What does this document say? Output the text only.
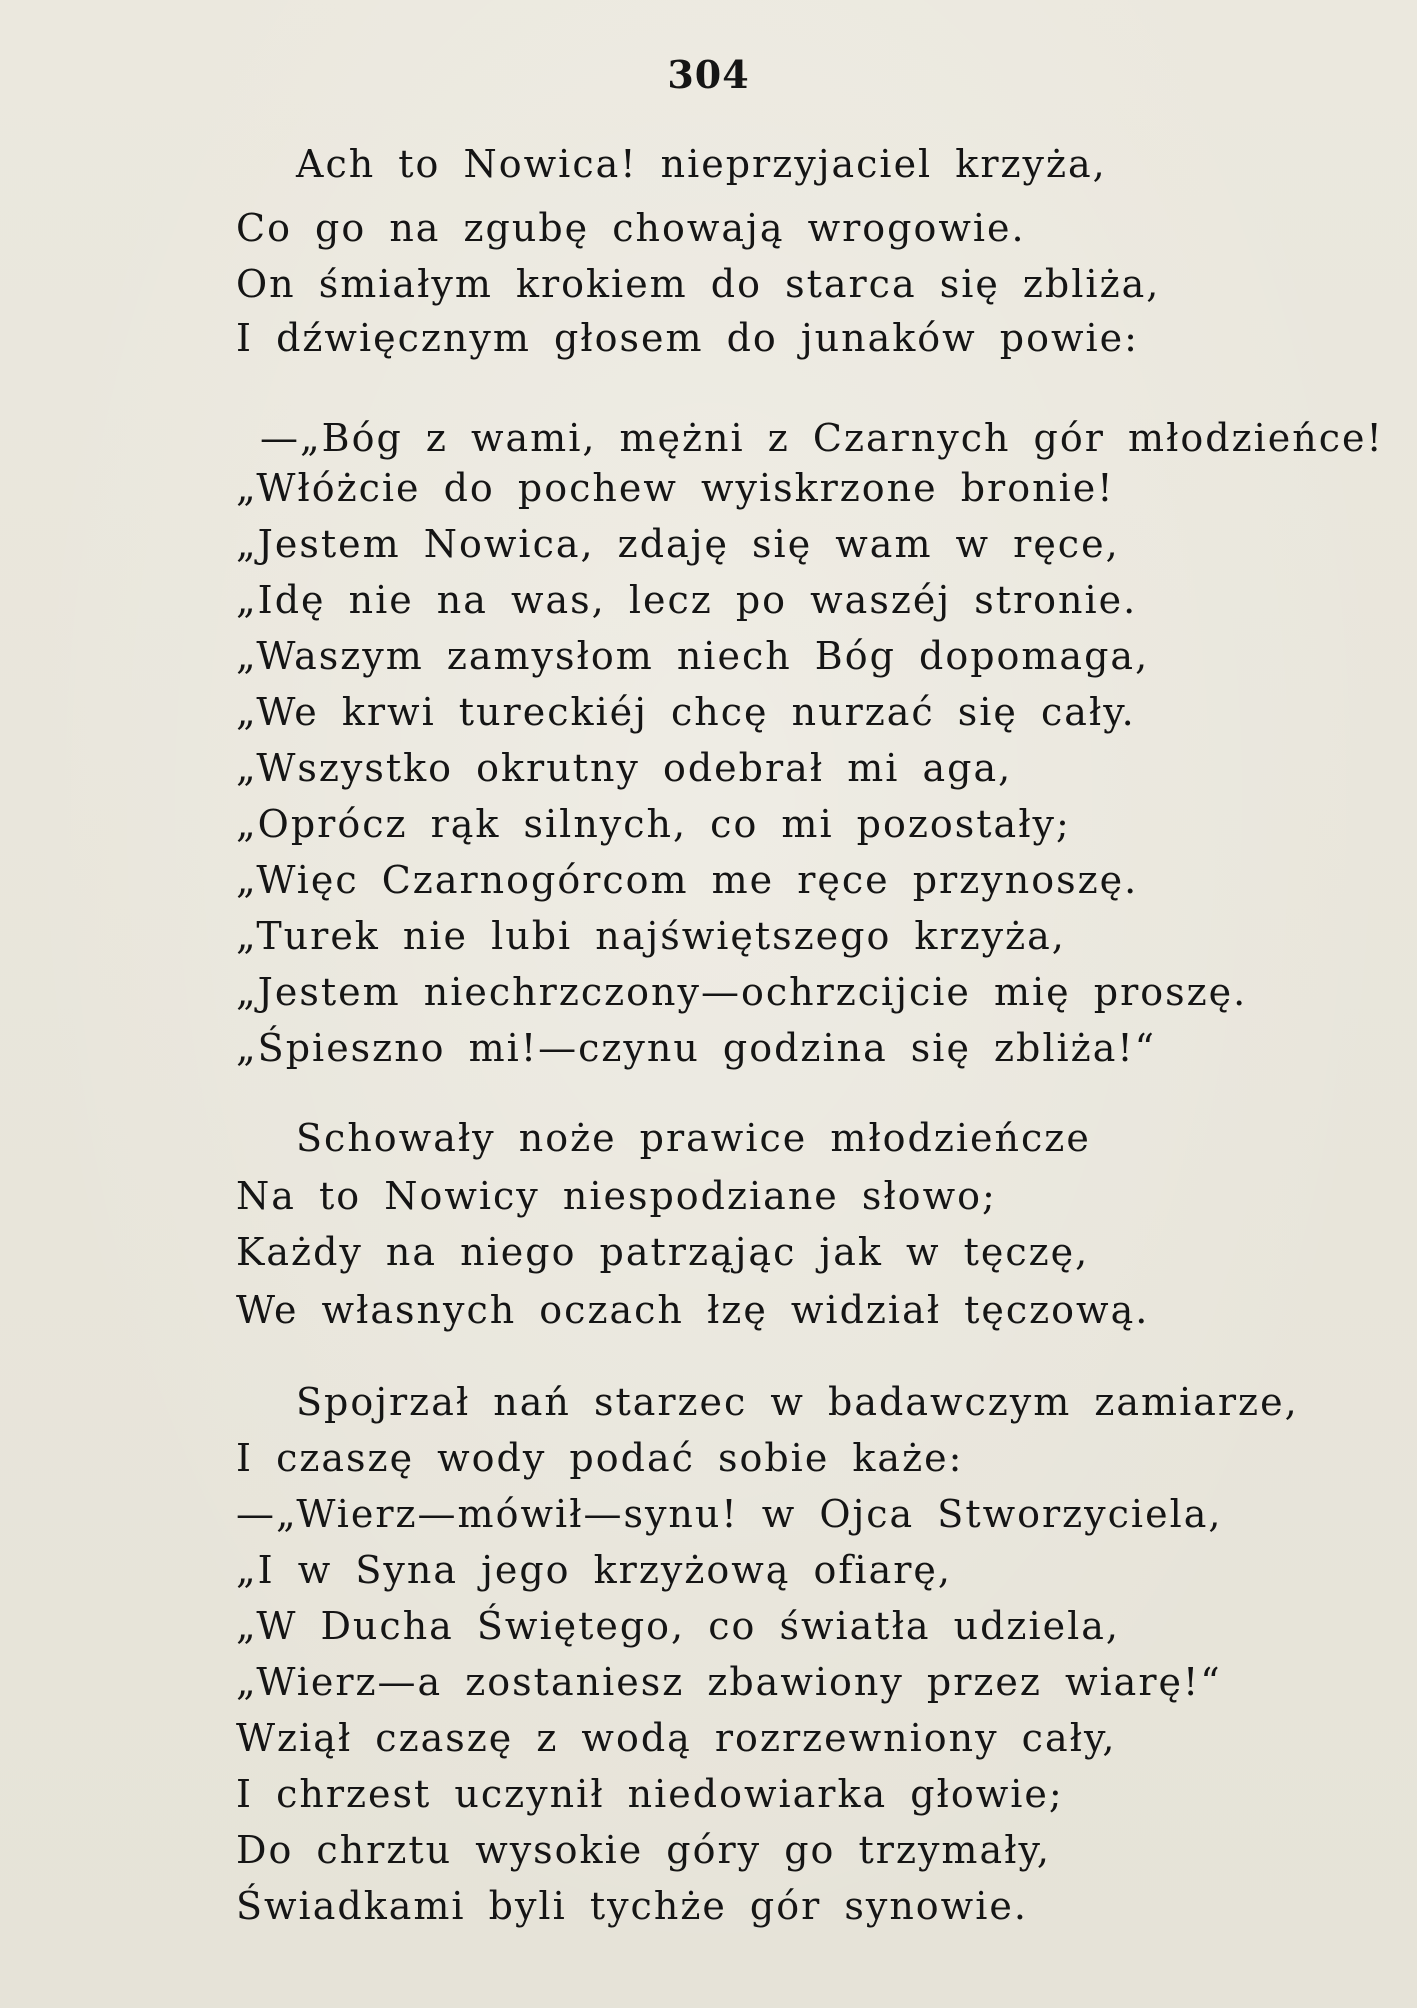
304
Ach to Nowica! nieprzyjaciel krzyża,
Co go na zgubę chowają wrogowie.
On śmiałym krokiem do starca się zbliża,
I dźwięcznym głosem do junaków powie:
—„Bóg z wami, mężni z Czarnych gór młodzieńce!
„Włóżcie do pochew wyiskrzone bronie!
„Jestem Nowica, zdaję się wam w ręce,
„Idę nie na was, lecz po waszéj stronie.
„Waszym zamysłom niech Bóg dopomaga,
„We krwi tureckiéj chcę nurzać się cały.
„Wszystko okrutny odebrał mi aga,
„Oprócz rąk silnych, co mi pozostały;
„Więc Czarnogórcom me ręce przynoszę.
„Turek nie lubi najświętszego krzyża,
„Jestem niechrzczony—ochrzcijcie mię proszę.
„Śpieszno mi!—czynu godzina się zbliża!“
Schowały noże prawice młodzieńcze
Na to Nowicy niespodziane słowo;
Każdy na niego patrząjąc jak w tęczę,
We własnych oczach łzę widział tęczową.
Spojrzał nań starzec w badawczym zamiarze,
I czaszę wody podać sobie każe:
—„Wierz—mówił—synu! w Ojca Stworzyciela,
„I w Syna jego krzyżową ofiarę,
„W Ducha Świętego, co światła udziela,
„Wierz—a zostaniesz zbawiony przez wiarę!“
Wziął czaszę z wodą rozrzewniony cały,
I chrzest uczynił niedowiarka głowie;
Do chrztu wysokie góry go trzymały,
Świadkami byli tychże gór synowie.
